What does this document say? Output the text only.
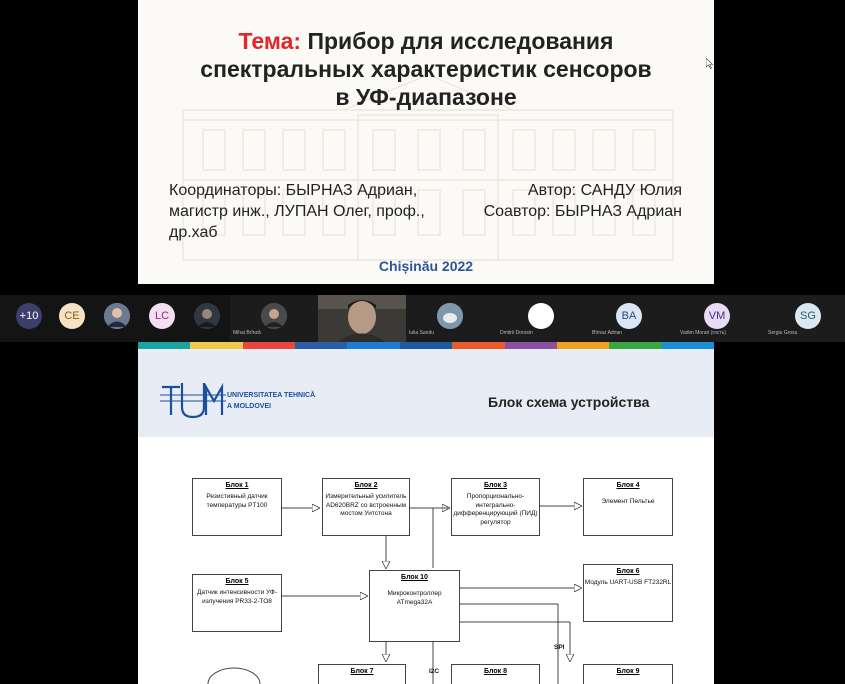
Тема: Прибор для исследования
спектральных характеристик сенсоров
в УФ-диапазоне
Координаторы: БЫРНАЗ Адриан,
магистр инж., ЛУПАН Олег, проф.,
др.хаб
Автор: САНДУ Юлия
Соавтор: БЫРНАЗ Адриан
Chișinău 2022
+10	CE	LC
Mihai Brînză	Iulia Sandu	Dmitrii Dorosin
BA
Bîrnaz Adrian
VM
Vadim Morari (гость)
SG
Sergiu Grosu
UNIVERSITATEA TEHNICĂ
A MOLDOVEI	Блок схема устройства
Блок 1
Резистивный датчик температуры PT100
Блок 2
Измерительный усилитель AD620BRZ со встроенным мостом Уитстона
Блок 3
Пропорционально-интегрально-дифференцирующий (ПИД) регулятор
Блок 4
Элемент Пельтье
Блок 5
Датчик интенсивности УФ-излучения PR33-2-TO8
Блок 10
Микроконтроллер ATmega32A
Блок 6
Модуль UART-USB FT232RL
Блок 7	Блок 8	Блок 9
SPI
I2C
